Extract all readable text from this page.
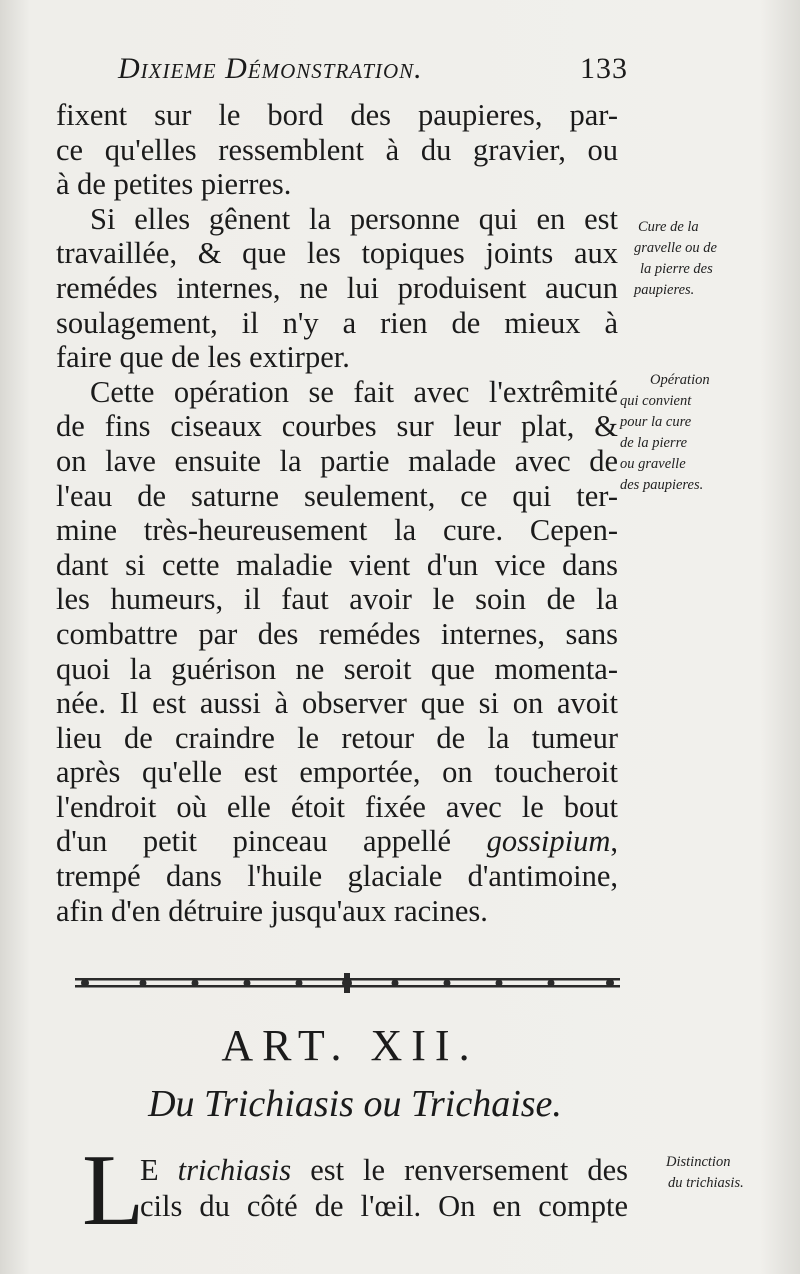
Dixieme Démonstration.	133
fixent sur le bord des paupieres, par-
ce qu'elles ressemblent à du gravier, ou
à de petites pierres.
Si elles gênent la personne qui en est
travaillée, & que les topiques joints aux
remédes internes, ne lui produisent aucun
soulagement, il n'y a rien de mieux à
faire que de les extirper.
Cette opération se fait avec l'extrêmité
de fins ciseaux courbes sur leur plat, &
on lave ensuite la partie malade avec de
l'eau de saturne seulement, ce qui ter-
mine très-heureusement la cure. Cepen-
dant si cette maladie vient d'un vice dans
les humeurs, il faut avoir le soin de la
combattre par des remédes internes, sans
quoi la guérison ne seroit que momenta-
née. Il est aussi à observer que si on avoit
lieu de craindre le retour de la tumeur
après qu'elle est emportée, on toucheroit
l'endroit où elle étoit fixée avec le bout
d'un petit pinceau appellé gossipium,
trempé dans l'huile glaciale d'antimoine,
afin d'en détruire jusqu'aux racines.
Cure de la
gravelle ou de
la pierre des
paupieres.
Opération
qui convient
pour la cure
de la pierre
ou gravelle
des paupieres.
ART. XII.
Du Trichiasis ou Trichaise.
L
E trichiasis est le renversement des
cils du côté de l'œil. On en compte
Distinction
du trichiasis.
